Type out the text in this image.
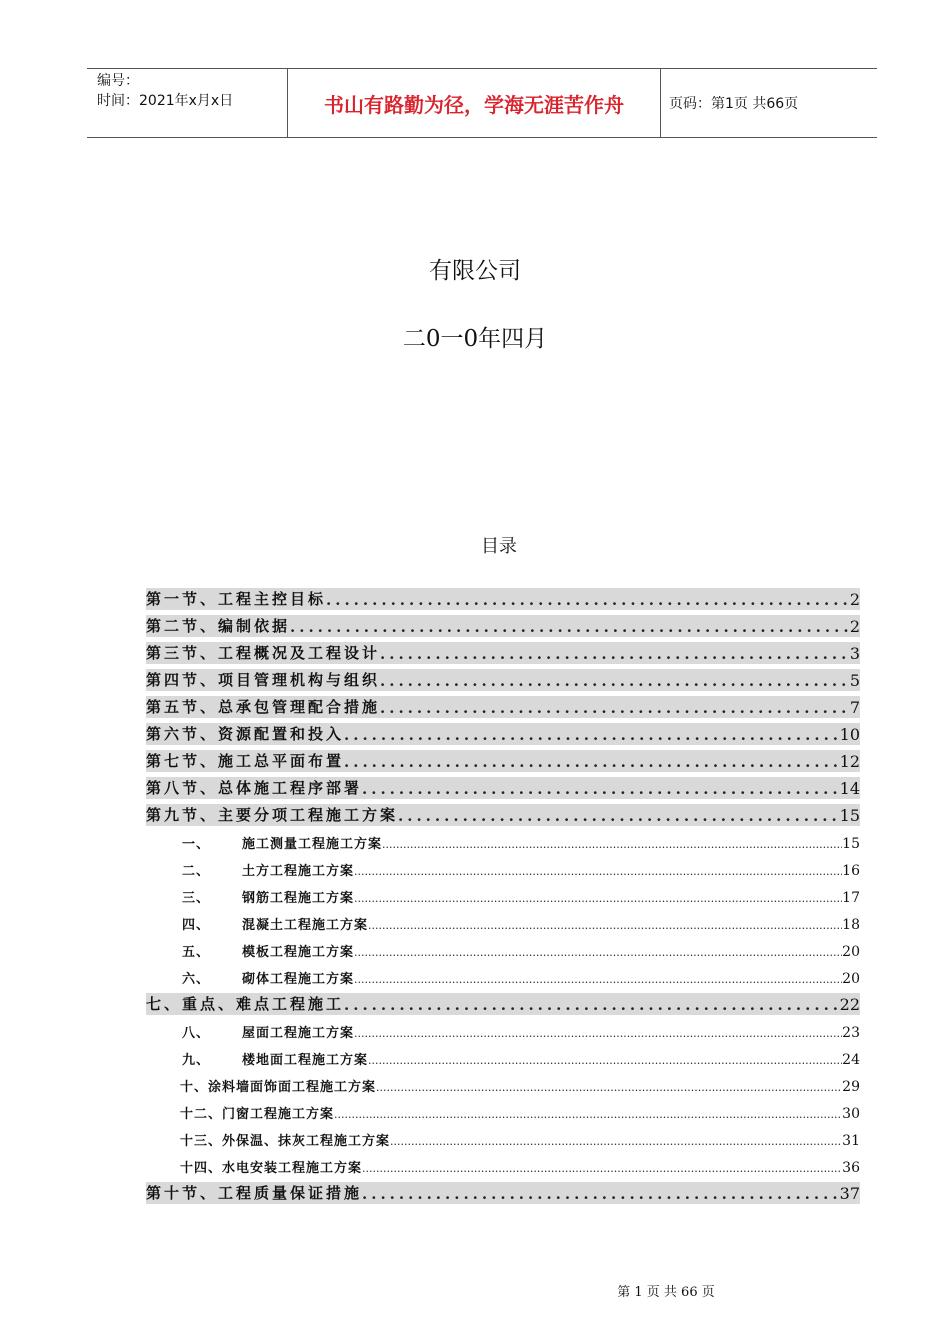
编号：
时间：2021年x月x日	书山有路勤为径，学海无涯苦作舟	页码：第1页 共66页
有限公司
二0一0年四月
目录
第一节、工程主控目标 .....	2
第二节、编制依据 .....	2
第三节、工程概况及工程设计 .....	3
第四节、项目管理机构与组织 .....	5
第五节、总承包管理配合措施 .....	7
第六节、资源配置和投入 .....	10
第七节、施工总平面布置 .....	12
第八节、总体施工程序部署 .....	14
第九节、主要分项工程施工方案 .....	15
一、	施工测量工程施工方案 .....	15
二、	土方工程施工方案 .....	16
三、	钢筋工程施工方案 .....	17
四、	混凝土工程施工方案 .....	18
五、	模板工程施工方案 .....	20
六、	砌体工程施工方案 .....	20
七、重点、难点工程施工 .....	22
八、	屋面工程施工方案 .....	23
九、	楼地面工程施工方案 .....	24
十、涂料墙面饰面工程施工方案 .....	29
十二、门窗工程施工方案 .....	30
十三、外保温、抹灰工程施工方案 .....	31
十四、水电安装工程施工方案 .....	36
第十节、工程质量保证措施 .....	37
第 1 页 共 66 页
